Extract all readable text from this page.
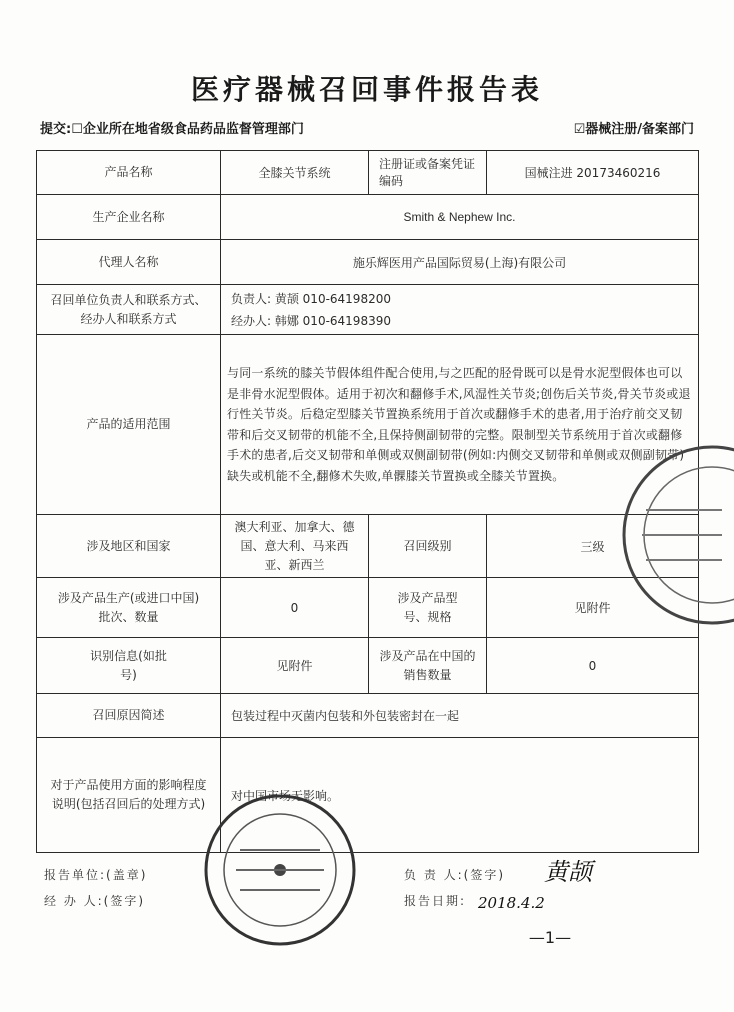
医疗器械召回事件报告表
提交:☐企业所在地省级食品药品监督管理部门	☑器械注册/备案部门
产品名称	全膝关节系统	注册证或备案凭证编码	国械注进 20173460216
生产企业名称	Smith & Nephew Inc.		
代理人名称	施乐辉医用产品国际贸易(上海)有限公司		
召回单位负责人和联系方式、经办人和联系方式	负责人: 黄颉 010-64198200
经办人: 韩娜 010-64198390		

产品的适用范围	与同一系统的膝关节假体组件配合使用,与之匹配的胫骨既可以是骨水泥型假体也可以是非骨水泥型假体。适用于初次和翻修手术,风湿性关节炎;创伤后关节炎,骨关节炎或退行性关节炎。后稳定型膝关节置换系统用于首次或翻修手术的患者,用于治疗前交叉韧带和后交叉韧带的机能不全,且保持侧副韧带的完整。限制型关节系统用于首次或翻修手术的患者,后交叉韧带和单侧或双侧副韧带(例如:内侧交叉韧带和单侧或双侧副韧带)缺失或机能不全,翻修术失败,单髁膝关节置换或全膝关节置换。		
涉及地区和国家	澳大利亚、加拿大、德国、意大利、马来西亚、新西兰	召回级别	三级
涉及产品生产(或进口中国)批次、数量	0	涉及产品型号、规格	见附件
识别信息(如批号)	见附件	涉及产品在中国的销售数量	0
召回原因简述	包装过程中灭菌内包装和外包装密封在一起		
对于产品使用方面的影响程度说明(包括召回后的处理方式)	对中国市场无影响。		
报告单位:(盖章)
经 办 人:(签字)
负 责 人:(签字)
报告日期:
黄颉
2018.4.2
—1—
